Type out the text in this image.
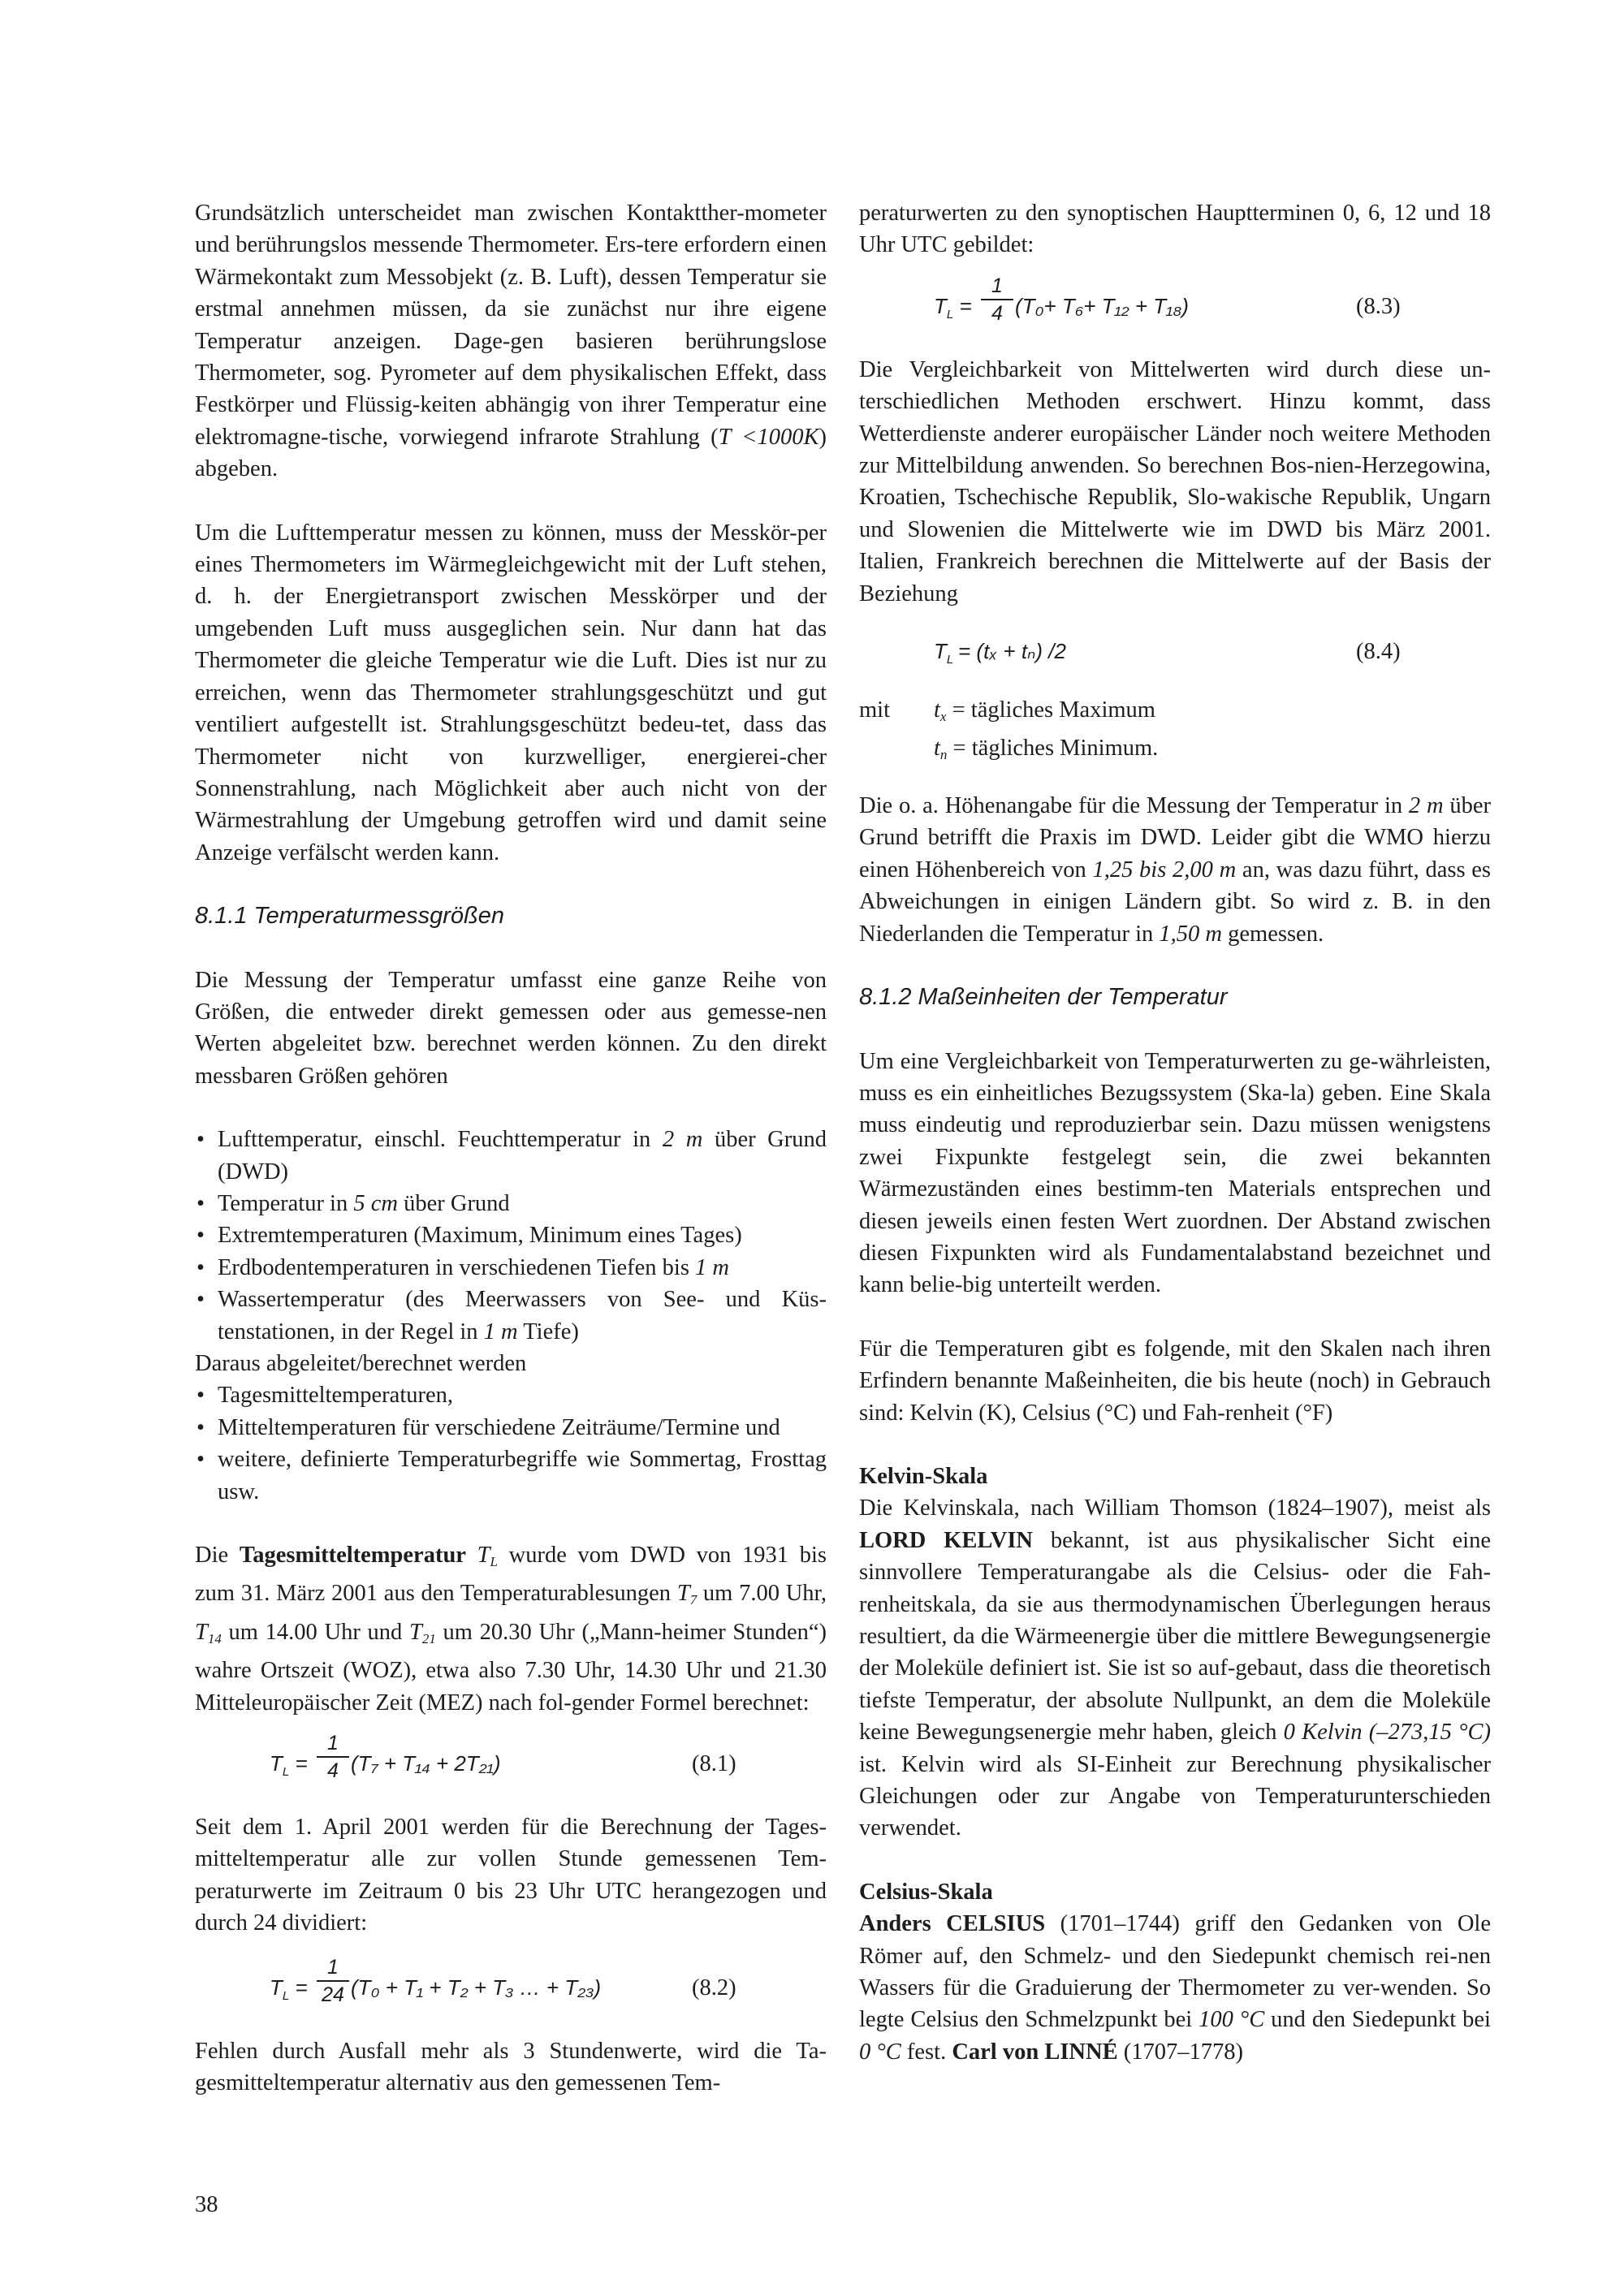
Grundsätzlich unterscheidet man zwischen Kontaktther-mometer und berührungslos messende Thermometer. Ers-tere erfordern einen Wärmekontakt zum Messobjekt (z. B. Luft), dessen Temperatur sie erstmal annehmen müssen, da sie zunächst nur ihre eigene Temperatur anzeigen. Dage-gen basieren berührungslose Thermometer, sog. Pyrometer auf dem physikalischen Effekt, dass Festkörper und Flüssig-keiten abhängig von ihrer Temperatur eine elektromagne-tische, vorwiegend infrarote Strahlung (T <1000K) abgeben.

Um die Lufttemperatur messen zu können, muss der Messkör-per eines Thermometers im Wärmegleichgewicht mit der Luft stehen, d. h. der Energietransport zwischen Messkörper und der umgebenden Luft muss ausgeglichen sein. Nur dann hat das Thermometer die gleiche Temperatur wie die Luft. Dies ist nur zu erreichen, wenn das Thermometer strahlungsgeschützt und gut ventiliert aufgestellt ist. Strahlungsgeschützt bedeu-tet, dass das Thermometer nicht von kurzwelliger, energierei-cher Sonnenstrahlung, nach Möglichkeit aber auch nicht von der Wärmestrahlung der Umgebung getroffen wird und damit seine Anzeige verfälscht werden kann.

8.1.1 Temperaturmessgrößen

Die Messung der Temperatur umfasst eine ganze Reihe von Größen, die entweder direkt gemessen oder aus gemesse-nen Werten abgeleitet bzw. berechnet werden können. Zu den direkt messbaren Größen gehören

• Lufttemperatur, einschl. Feuchttemperatur in 2 m über Grund (DWD)
• Temperatur in 5 cm über Grund
• Extremtemperaturen (Maximum, Minimum eines Tages)
• Erdbodentemperaturen in verschiedenen Tiefen bis 1 m
• Wassertemperatur (des Meerwassers von See- und Küs-tenstationen, in der Regel in 1 m Tiefe)
Daraus abgeleitet/berechnet werden
• Tagesmitteltemperaturen,
• Mitteltemperaturen für verschiedene Zeiträume/Termine und
• weitere, definierte Temperaturbegriffe wie Sommertag, Frosttag usw.

Die Tagesmitteltemperatur $T_L$ wurde vom DWD von 1931 bis zum 31. März 2001 aus den Temperaturablesungen $T_7$ um 7.00 Uhr, $T_{14}$ um 14.00 Uhr und $T_{21}$ um 20.30 Uhr („Mann-heimer Stunden“) wahre Ortszeit (WOZ), etwa also 7.30 Uhr, 14.30 Uhr und 21.30 Mitteleuropäischer Zeit (MEZ) nach fol-gender Formel berechnet:

$T_L = \frac{1}{4} (T_7 + T_{14} + 2T_{21})$	(8.1)

Seit dem 1. April 2001 werden für die Berechnung der Tages-mitteltemperatur alle zur vollen Stunde gemessenen Tem-peraturwerte im Zeitraum 0 bis 23 Uhr UTC herangezogen und durch 24 dividiert:

$T_L = \frac{1}{24} (T_0 + T_1 + T_2 + T_3$ … + T₂₃)	(8.2)

Fehlen durch Ausfall mehr als 3 Stundenwerte, wird die Ta-gesmitteltemperatur alternativ aus den gemessenen Tem-

peraturwerten zu den synoptischen Hauptterminen 0, 6, 12 und 18 Uhr UTC gebildet:

$T_L = \frac{1}{4} (T_0+ T_6+ T_{12} + T_{18})$	(8.3)

Die Vergleichbarkeit von Mittelwerten wird durch diese un-terschiedlichen Methoden erschwert. Hinzu kommt, dass Wetterdienste anderer europäischer Länder noch weitere Methoden zur Mittelbildung anwenden. So berechnen Bos-nien-Herzegowina, Kroatien, Tschechische Republik, Slo-wakische Republik, Ungarn und Slowenien die Mittelwerte wie im DWD bis März 2001. Italien, Frankreich berechnen die Mittelwerte auf der Basis der Beziehung

$T_L = (t_x + t_n)$ /2	(8.4)
mit $t_x$ = tägliches Maximum
$t_n$ = tägliches Minimum.

Die o. a. Höhenangabe für die Messung der Temperatur in 2 m über Grund betrifft die Praxis im DWD. Leider gibt die WMO hierzu einen Höhenbereich von 1,25 bis 2,00 m an, was dazu führt, dass es Abweichungen in einigen Ländern gibt. So wird z. B. in den Niederlanden die Temperatur in 1,50 m gemessen.

8.1.2 Maßeinheiten der Temperatur

Um eine Vergleichbarkeit von Temperaturwerten zu ge-währleisten, muss es ein einheitliches Bezugssystem (Ska-la) geben. Eine Skala muss eindeutig und reproduzierbar sein. Dazu müssen wenigstens zwei Fixpunkte festgelegt sein, die zwei bekannten Wärmezuständen eines bestimm-ten Materials entsprechen und diesen jeweils einen festen Wert zuordnen. Der Abstand zwischen diesen Fixpunkten wird als Fundamentalabstand bezeichnet und kann belie-big unterteilt werden.

Für die Temperaturen gibt es folgende, mit den Skalen nach ihren Erfindern benannte Maßeinheiten, die bis heute (noch) in Gebrauch sind: Kelvin (K), Celsius (°C) und Fah-renheit (°F)

Kelvin-Skala

Die Kelvinskala, nach William Thomson (1824–1907), meist als LORD KELVIN bekannt, ist aus physikalischer Sicht eine sinnvollere Temperaturangabe als die Celsius- oder die Fah-renheitskala, da sie aus thermodynamischen Überlegungen heraus resultiert, da die Wärmeenergie über die mittlere Bewegungsenergie der Moleküle definiert ist. Sie ist so auf-gebaut, dass die theoretisch tiefste Temperatur, der absolute Nullpunkt, an dem die Moleküle keine Bewegungsenergie mehr haben, gleich 0 Kelvin (–273,15 °C) ist. Kelvin wird als SI-Einheit zur Berechnung physikalischer Gleichungen oder zur Angabe von Temperaturunterschieden verwendet.

Celsius-Skala

Anders CELSIUS (1701–1744) griff den Gedanken von Ole Römer auf, den Schmelz- und den Siedepunkt chemisch rei-nen Wassers für die Graduierung der Thermometer zu ver-wenden. So legte Celsius den Schmelzpunkt bei 100 °C und den Siedepunkt bei 0 °C fest. Carl von LINNÉ (1707–1778)

38
